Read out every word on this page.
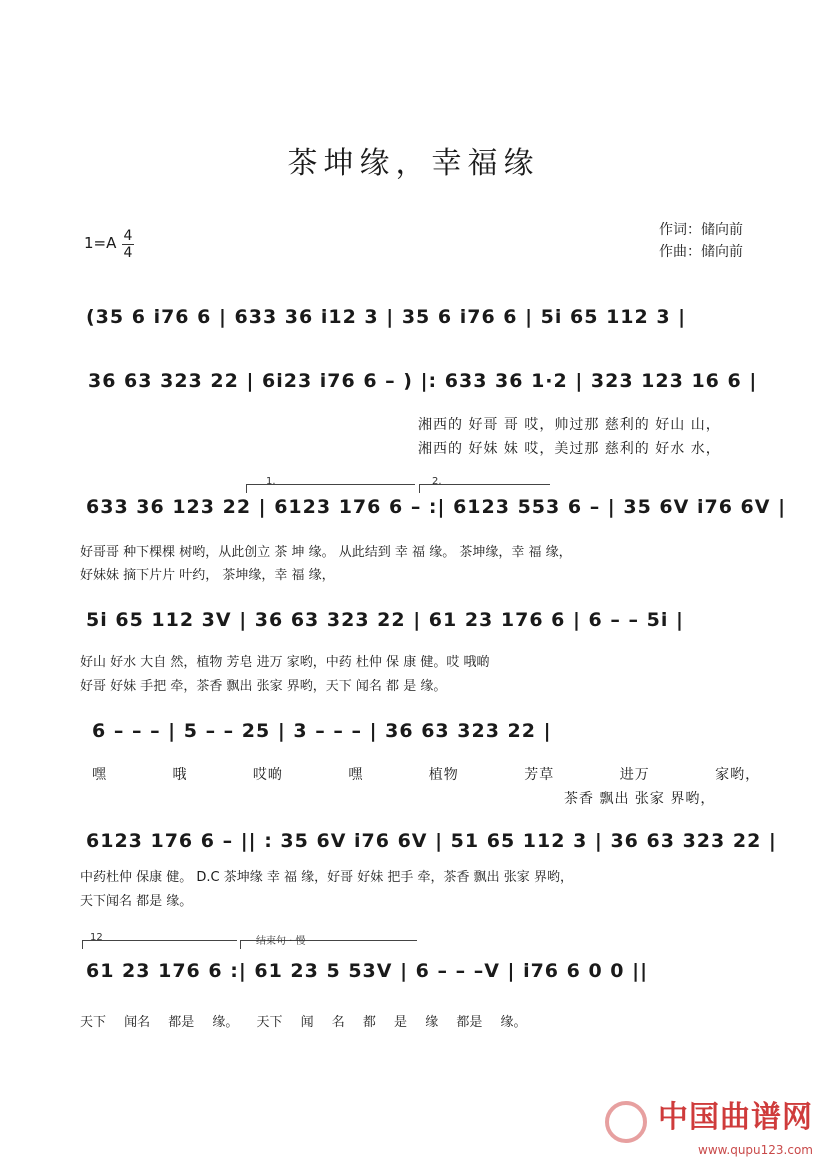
茶坤缘，幸福缘
作词：储向前
作曲：储向前
1=A 4
4
(35 6 i76 6 | 633 36 i12 3 | 35 6 i76 6 | 5i 65 112 3 |
36 63 323 22 | 6i23 i76 6 – ) |: 633 36 1·2 | 323 123 16 6 |
湘西的 好哥 哥 哎，帅过那 慈利的 好山 山，
湘西的 好妹 妹 哎，美过那 慈利的 好水 水，
1.	2.
633 36 123 22 | 6123 176 6 – :| 6123 553 6 – | 35 6V i76 6V |
好哥哥 种下棵棵 树哟，从此创立 茶 坤 缘。 从此结到 幸 福 缘。 茶坤缘，幸 福 缘，
好妹妹 摘下片片 叶约， 茶坤缘，幸 福 缘，
5i 65 112 3V | 36 63 323 22 | 61 23 176 6 | 6 – – 5i |
好山 好水 大自 然，植物 芳皂 进万 家哟，中药 杜仲 保 康 健。哎 哦啲
好哥 好妹 手把 牵，茶香 飘出 张家 界哟，天下 闻名 都 是 缘。
6 – – – | 5 – – 25 | 3 – – – | 36 63 323 22 |
嘿 哦 哎啲 嘿 植物 芳草 进万 家哟，
茶香 飘出 张家 界哟，
6123 176 6 – || : 35 6V i76 6V | 51 65 112 3 | 36 63 323 22 |
中药杜仲 保康 健。 D.C 茶坤缘 幸 福 缘，好哥 好妹 把手 牵，茶香 飘出 张家 界哟，
天下闻名 都是 缘。
12	结束句 · 慢
61 23 176 6 :| 61 23 5 53V | 6 – – –V | i76 6 0 0 ||
天下 闻名 都是 缘。 天下 闻 名 都 是 缘 都是 缘。
中国曲谱网
www.qupu123.com
